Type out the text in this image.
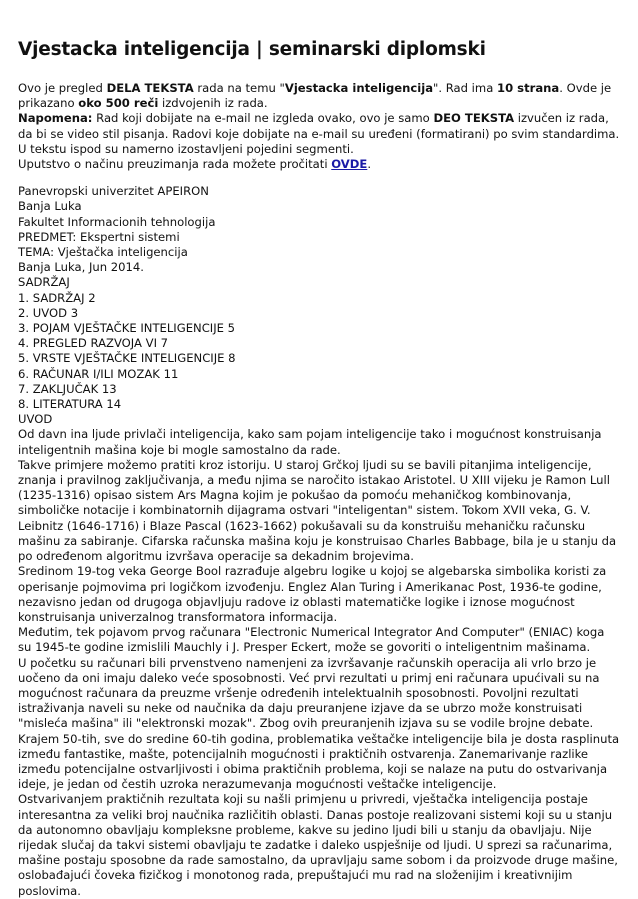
Vjestacka inteligencija | seminarski diplomski
Ovo je pregled DELA TEKSTA rada na temu "Vjestacka inteligencija". Rad ima 10 strana. Ovde je prikazano oko 500 reči izdvojenih iz rada.
Napomena: Rad koji dobijate na e-mail ne izgleda ovako, ovo je samo DEO TEKSTA izvučen iz rada, da bi se video stil pisanja. Radovi koje dobijate na e-mail su uređeni (formatirani) po svim standardima. U tekstu ispod su namerno izostavljeni pojedini segmenti.
Uputstvo o načinu preuzimanja rada možete pročitati OVDE.
Panevropski univerzitet APEIRON
Banja Luka
Fakultet Informacionih tehnologija
PREDMET: Ekspertni sistemi
TEMA: Vještačka inteligencija
Banja Luka, Jun 2014.
SADRŽAJ
1. SADRŽAJ 2
2. UVOD 3
3. POJAM VJEŠTAČKE INTELIGENCIJE 5
4. PREGLED RAZVOJA VI 7
5. VRSTE VJEŠTAČKE INTELIGENCIJE 8
6. RAČUNAR I/ILI MOZAK 11
7. ZAKLJUČAK 13
8. LITERATURA 14
UVOD
Od davn ina ljude privlači inteligencija, kako sam pojam inteligencije tako i mogućnost konstruisanja inteligentnih mašina koje bi mogle samostalno da rade.
Takve primjere možemo pratiti kroz istoriju. U staroj Grčkoj ljudi su se bavili pitanjima inteligencije, znanja i pravilnog zaključivanja, a među njima se naročito istakao Aristotel. U XIII vijeku je Ramon Lull (1235-1316) opisao sistem Ars Magna kojim je pokušao da pomoću mehaničkog kombinovanja, simboličke notacije i kombinatornih dijagrama ostvari "inteligentan" sistem. Tokom XVII veka, G. V. Leibnitz (1646-1716) i Blaze Pascal (1623-1662) pokušavali su da konstruišu mehaničku računsku mašinu za sabiranje. Cifarska računska mašina koju je konstruisao Charles Babbage, bila je u stanju da po određenom algoritmu izvršava operacije sa dekadnim brojevima.
Sredinom 19-tog veka George Bool razrađuje algebru logike u kojoj se algebarska simbolika koristi za operisanje pojmovima pri logičkom izvođenju. Englez Alan Turing i Amerikanac Post, 1936-te godine, nezavisno jedan od drugoga objavljuju radove iz oblasti matematičke logike i iznose mogućnost konstruisanja univerzalnog transformatora informacija.
Međutim, tek pojavom prvog računara "Electronic Numerical Integrator And Computer" (ENIAC) koga su 1945-te godine izmislili Mauchly i J. Presper Eckert, može se govoriti o inteligentnim mašinama.
U početku su računari bili prvenstveno namenjeni za izvršavanje računskih operacija ali vrlo brzo je uočeno da oni imaju daleko veće sposobnosti. Već prvi rezultati u primj eni računara upućivali su na mogućnost računara da preuzme vršenje određenih intelektualnih sposobnosti. Povoljni rezultati istraživanja naveli su neke od naučnika da daju preuranjene izjave da se ubrzo može konstruisati "misleća mašina" ili "elektronski mozak". Zbog ovih preuranjenih izjava su se vodile brojne debate. Krajem 50-tih, sve do sredine 60-tih godina, problematika veštačke inteligencije bila je dosta rasplinuta između fantastike, mašte, potencijalnih mogućnosti i praktičnih ostvarenja. Zanemarivanje razlike između potencijalne ostvarljivosti i obima praktičnih problema, koji se nalaze na putu do ostvarivanja ideje, je jedan od čestih uzroka nerazumevanja mogućnosti veštačke inteligencije.
Ostvarivanjem praktičnih rezultata koji su našli primjenu u privredi, vještačka inteligencija postaje interesantna za veliki broj naučnika različitih oblasti. Danas postoje realizovani sistemi koji su u stanju da autonomno obavljaju kompleksne probleme, kakve su jedino ljudi bili u stanju da obavljaju. Nije rijedak slučaj da takvi sistemi obavljaju te zadatke i daleko uspješnije od ljudi. U sprezi sa računarima, mašine postaju sposobne da rade samostalno, da upravljaju same sobom i da proizvode druge mašine, oslobađajući čoveka fizičkog i monotonog rada, prepuštajući mu rad na složenijim i kreativnijim poslovima.
